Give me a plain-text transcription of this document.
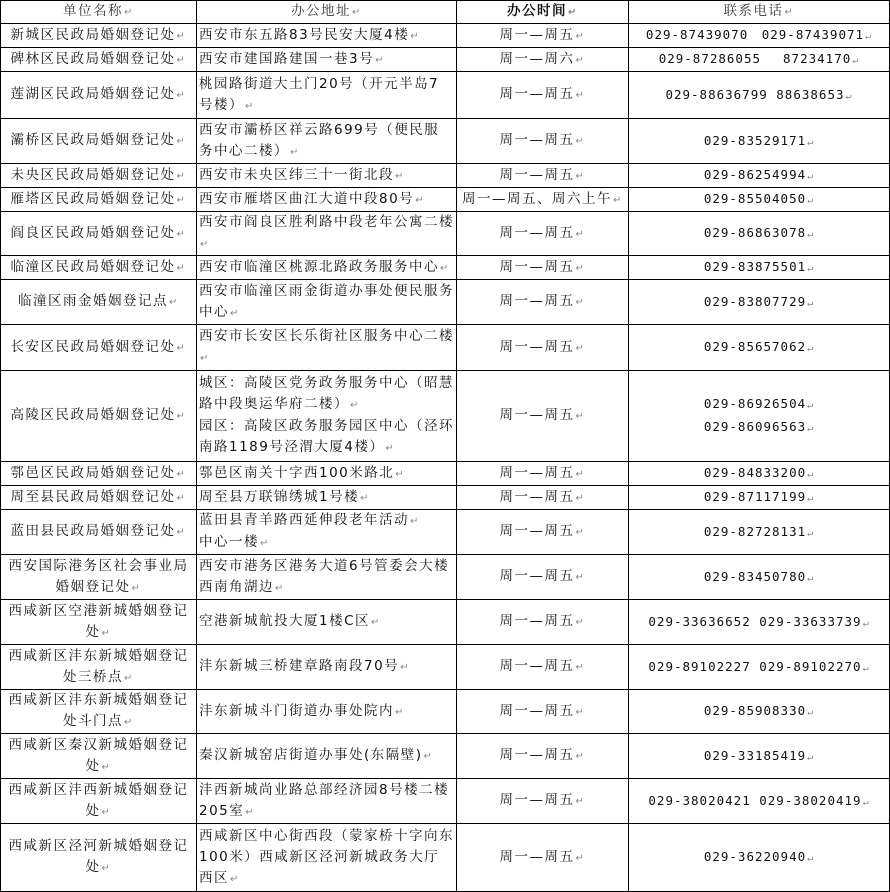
单位名称↵	办公地址↵	办公时间↵	联系电话↵
新城区民政局婚姻登记处↵	西安市东五路83号民安大厦4楼↵	周一—周五↵	029-87439070　029-87439071↵

碑林区民政局婚姻登记处↵	西安市建国路建国一巷3号↵	周一—周六↵	029-87286055　 87234170↵

莲湖区民政局婚姻登记处↵	桃园路街道大土门20号（开元半岛7号楼）↵	周一—周五↵	029-88636799 88638653↵

灞桥区民政局婚姻登记处↵	西安市灞桥区祥云路699号（便民服务中心二楼）↵	周一—周五↵	029-83529171↵

未央区民政局婚姻登记处↵	西安市未央区纬三十一街北段↵	周一—周五↵	029-86254994↵

雁塔区民政局婚姻登记处↵	西安市雁塔区曲江大道中段80号↵	周一—周五、周六上午↵	029-85504050↵

阎良区民政局婚姻登记处↵	西安市阎良区胜利路中段老年公寓二楼↵	周一—周五↵	029-86863078↵

临潼区民政局婚姻登记处↵	西安市临潼区桃源北路政务服务中心↵	周一—周五↵	029-83875501↵

临潼区雨金婚姻登记点↵	西安市临潼区雨金街道办事处便民服务中心↵	周一—周五↵	029-83807729↵

长安区民政局婚姻登记处↵	西安市长安区长乐街社区服务中心二楼↵	周一—周五↵	029-85657062↵

高陵区民政局婚姻登记处↵	城区：高陵区党务政务服务中心（昭慧路中段奥运华府二楼）↵
园区：高陵区政务服务园区中心（泾环南路1189号泾渭大厦4楼）↵	周一—周五↵	029-86926504↵
029-86096563↵

鄠邑区民政局婚姻登记处↵	鄠邑区南关十字西100米路北↵	周一—周五↵	029-84833200↵

周至县民政局婚姻登记处↵	周至县万联锦绣城1号楼↵	周一—周五↵	029-87117199↵

蓝田县民政局婚姻登记处↵	蓝田县青羊路西延伸段老年活动↵
中心一楼↵	周一—周五↵	029-82728131↵

西安国际港务区社会事业局婚姻登记处↵	西安市港务区港务大道6号管委会大楼西南角湖边↵	周一—周五↵	029-83450780↵

西咸新区空港新城婚姻登记处↵	空港新城航投大厦1楼C区↵	周一—周五↵	029-33636652 029-33633739↵

西咸新区沣东新城婚姻登记处三桥点↵	沣东新城三桥建章路南段70号↵	周一—周五↵	029-89102227 029-89102270↵

西咸新区沣东新城婚姻登记处斗门点↵	沣东新城斗门街道办事处院内↵	周一—周五↵	029-85908330↵

西咸新区秦汉新城婚姻登记处↵	秦汉新城窑店街道办事处(东隔壁)↵	周一—周五↵	029-33185419↵

西咸新区沣西新城婚姻登记处↵	沣西新城尚业路总部经济园8号楼二楼205室↵	周一—周五↵	029-38020421 029-38020419↵

西咸新区泾河新城婚姻登记处↵	西咸新区中心街西段（蒙家桥十字向东100米）西咸新区泾河新城政务大厅西区↵	周一—周五↵	029-36220940↵
